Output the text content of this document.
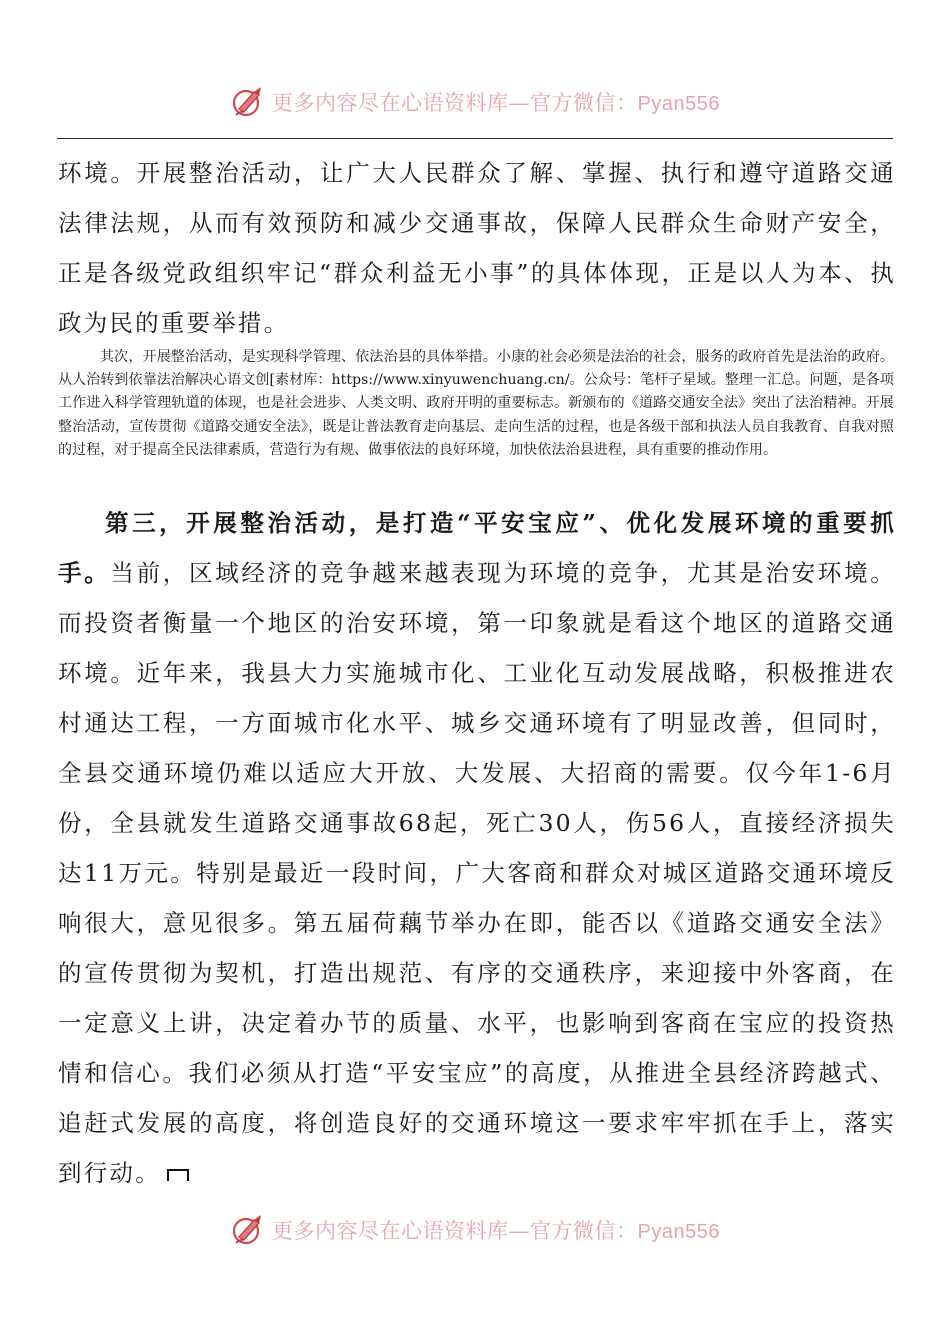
更多内容尽在心语资料库—官方微信：Pyan556

环境。开展整治活动，让广大人民群众了解、掌握、执行和遵守道路交通法律法规，从而有效预防和减少交通事故，保障人民群众生命财产安全，正是各级党政组织牢记“群众利益无小事”的具体体现，正是以人为本、执政为民的重要举措。

其次，开展整治活动，是实现科学管理、依法治县的具体举措。小康的社会必须是法治的社会，服务的政府首先是法治的政府。从人治转到依靠法治解决心语文创[素材库：https://www.xinyuwenchuang.cn/。公众号：笔杆子星域。整理一汇总。问题，是各项工作进入科学管理轨道的体现，也是社会进步、人类文明、政府开明的重要标志。新颁布的《道路交通安全法》突出了法治精神。开展整治活动，宣传贯彻《道路交通安全法》，既是让普法教育走向基层、走向生活的过程，也是各级干部和执法人员自我教育、自我对照的过程，对于提高全民法律素质，营造行为有规、做事依法的良好环境，加快依法治县进程，具有重要的推动作用。

第三，开展整治活动，是打造“平安宝应”、优化发展环境的重要抓手。当前，区域经济的竞争越来越表现为环境的竞争，尤其是治安环境。而投资者衡量一个地区的治安环境，第一印象就是看这个地区的道路交通环境。近年来，我县大力实施城市化、工业化互动发展战略，积极推进农村通达工程，一方面城市化水平、城乡交通环境有了明显改善，但同时，全县交通环境仍难以适应大开放、大发展、大招商的需要。仅今年1-6月份，全县就发生道路交通事故68起，死亡30人，伤56人，直接经济损失达11万元。特别是最近一段时间，广大客商和群众对城区道路交通环境反响很大，意见很多。第五届荷藕节举办在即，能否以《道路交通安全法》的宣传贯彻为契机，打造出规范、有序的交通秩序，来迎接中外客商，在一定意义上讲，决定着办节的质量、水平，也影响到客商在宝应的投资热情和信心。我们必须从打造“平安宝应”的高度，从推进全县经济跨越式、追赶式发展的高度，将创造良好的交通环境这一要求牢牢抓在手上，落实到行动。

更多内容尽在心语资料库—官方微信：Pyan556
